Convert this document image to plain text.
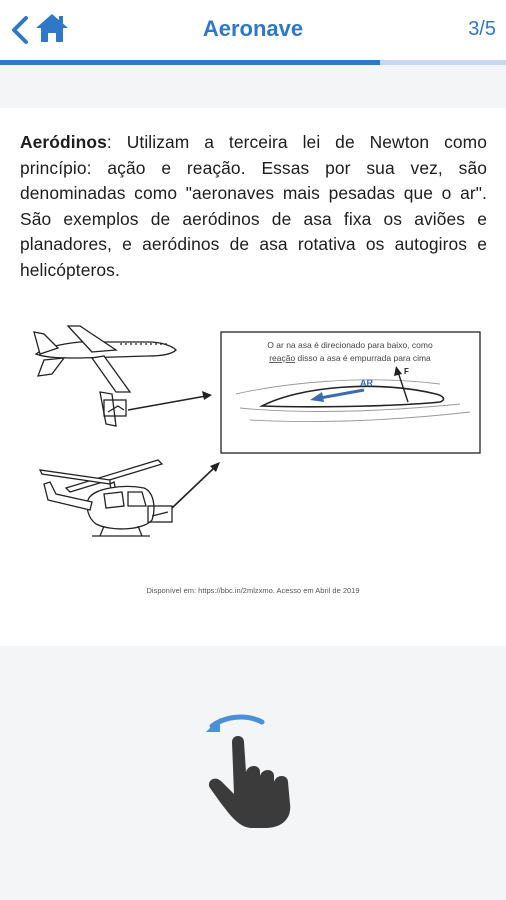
Aeronave	3/5
Aeródinos: Utilizam a terceira lei de Newton como princípio: ação e reação. Essas por sua vez, são denominadas como "aeronaves mais pesadas que o ar". São exemplos de aeródinos de asa fixa os aviões e planadores, e aeródinos de asa rotativa os autogiros e helicópteros.
O ar na asa é direcionado para baixo, como
reação disso a asa é empurrada para cima
AR
F
Disponível em: https://bbc.in/2mlzxmo. Acesso em Abril de 2019
